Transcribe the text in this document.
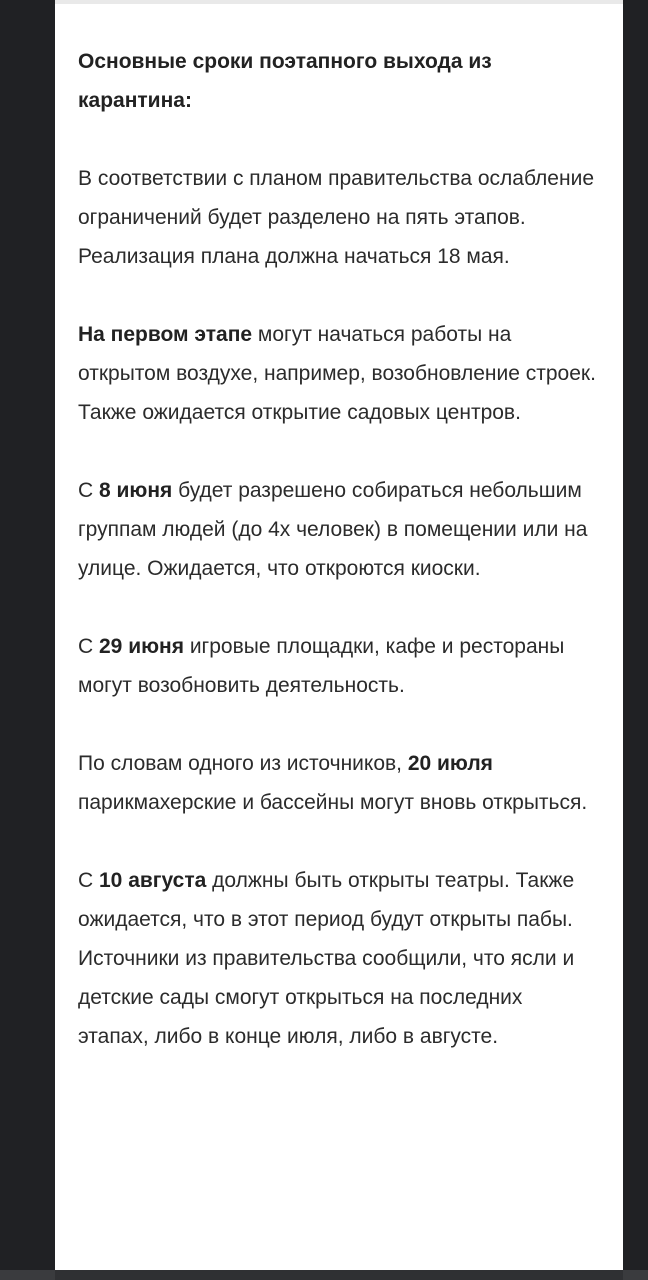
Основные сроки поэтапного выхода из карантина:

В соответствии с планом правительства ослабление ограничений будет разделено на пять этапов. Реализация плана должна начаться 18 мая.

На первом этапе могут начаться работы на открытом воздухе, например, возобновление строек. Также ожидается открытие садовых центров.

С 8 июня будет разрешено собираться небольшим группам людей (до 4х человек) в помещении или на улице. Ожидается, что откроются киоски.

С 29 июня игровые площадки, кафе и рестораны могут возобновить деятельность.

По словам одного из источников, 20 июля парикмахерские и бассейны могут вновь открыться.

С 10 августа должны быть открыты театры. Также ожидается, что в этот период будут открыты пабы. Источники из правительства сообщили, что ясли и детские сады смогут открыться на последних этапах, либо в конце июля, либо в августе.
